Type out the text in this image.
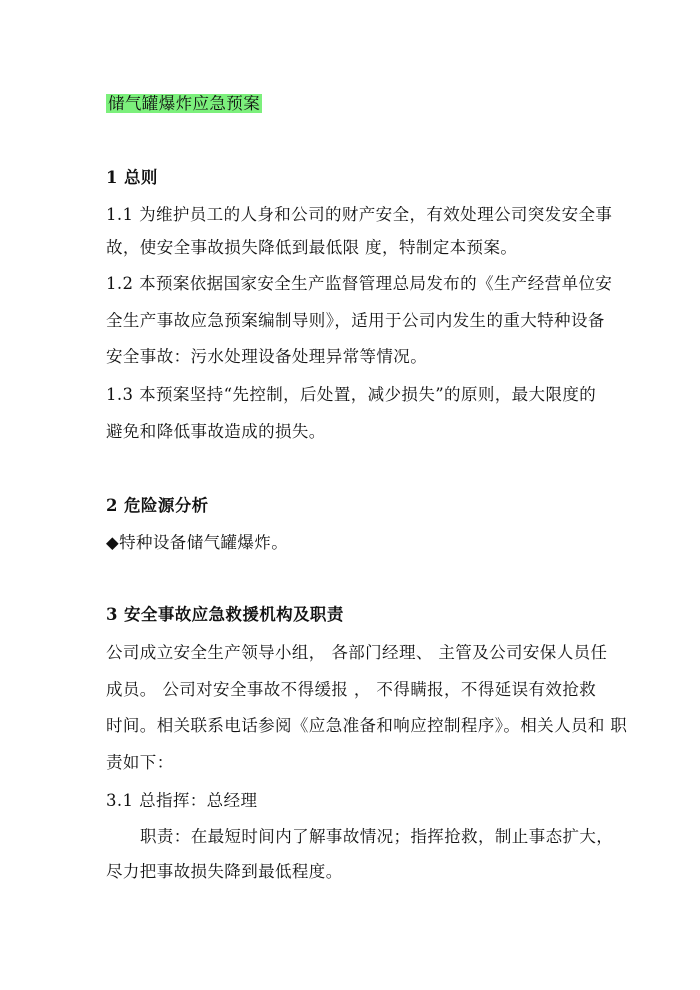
储气罐爆炸应急预案
1 总则
1.1 为维护员工的人身和公司的财产安全，有效处理公司突发安全事
故，使安全事故损失降低到最低限 度，特制定本预案。
1.2 本预案依据国家安全生产监督管理总局发布的《生产经营单位安
全生产事故应急预案编制导则》，适用于公司内发生的重大特种设备
安全事故：污水处理设备处理异常等情况。
1.3 本预案坚持“先控制，后处置，减少损失”的原则，最大限度的
避免和降低事故造成的损失。
2 危险源分析
◆特种设备储气罐爆炸。
3 安全事故应急救援机构及职责
公司成立安全生产领导小组， 各部门经理、 主管及公司安保人员任
成员。 公司对安全事故不得缓报 ， 不得瞒报，不得延误有效抢救
时间。相关联系电话参阅《应急准备和响应控制程序》。相关人员和 职
责如下：
3.1 总指挥：总经理
职责：在最短时间内了解事故情况；指挥抢救，制止事态扩大，
尽力把事故损失降到最低程度。
